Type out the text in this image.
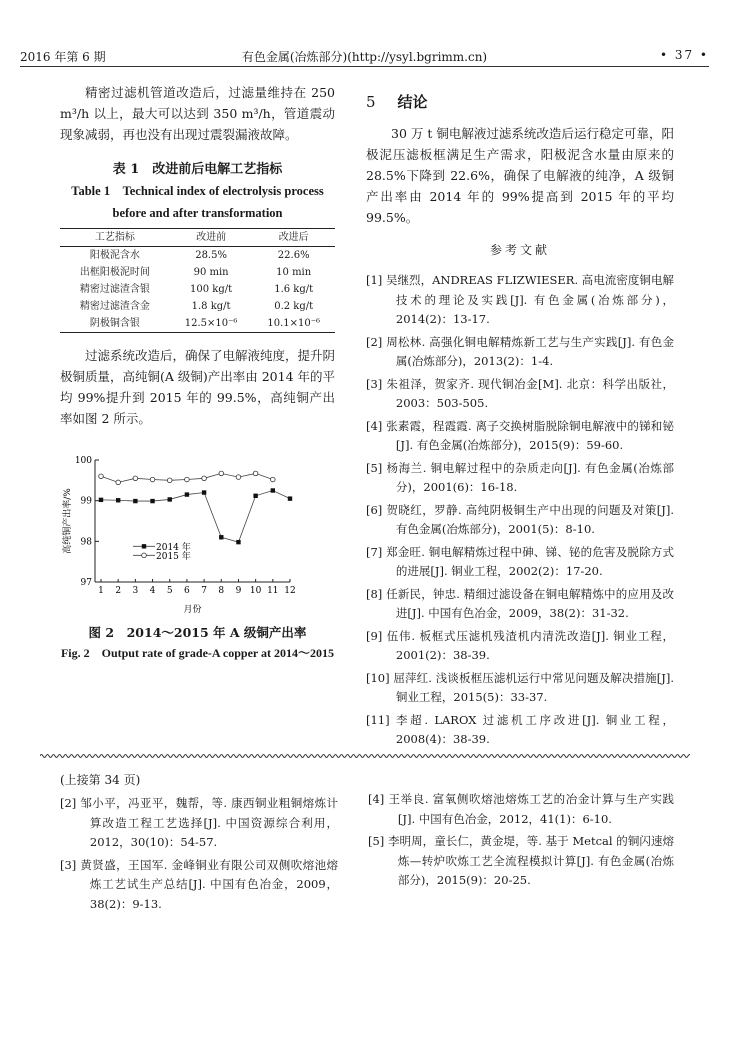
2016 年第 6 期	有色金属(冶炼部分)(http://ysyl.bgrimm.cn)	• 37 •

精密过滤机管道改造后，过滤量维持在 250 m³/h 以上，最大可以达到 350 m³/h，管道震动现象减弱，再也没有出现过震裂漏液故障。

表 1　改进前后电解工艺指标
Table 1　Technical index of electrolysis process
before and after transformation
工艺指标	改进前	改进后
阳极泥含水	28.5%	22.6%
出框阳极泥时间	90 min	10 min
精密过滤渣含银	100 kg/t	1.6 kg/t
精密过滤渣含金	1.8 kg/t	0.2 kg/t
阴极铜含银	12.5×10⁻⁶	10.1×10⁻⁶

过滤系统改造后，确保了电解液纯度，提升阴极铜质量，高纯铜(A 级铜)产出率由 2014 年的平均 99%提升到 2015 年的 99.5%，高纯铜产出率如图 2 所示。

97
98
99
100
1 2 3 4 5 6 7 8 9 10 11 12
月份
高纯铜产出率/%	2014 年
2015 年
图 2　2014～2015 年 A 级铜产出率
Fig. 2　Output rate of grade-A copper at 2014～2015
5 结论

30 万 t 铜电解液过滤系统改造后运行稳定可靠，阳极泥压滤板框满足生产需求，阳极泥含水量由原来的 28.5%下降到 22.6%，确保了电解液的纯净，A 级铜产出率由 2014 年的 99%提高到 2015 年的平均 99.5%。

参考文献
[1] 吴继烈，ANDREAS FLIZWIESER. 高电流密度铜电解技术的理论及实践[J]. 有色金属(冶炼部分)，2014(2)：13-17.
[2] 周松林. 高强化铜电解精炼新工艺与生产实践[J]. 有色金属(冶炼部分)，2013(2)：1-4.
[3] 朱祖泽，贺家齐. 现代铜冶金[M]. 北京：科学出版社，2003：503-505.
[4] 张素霞，程霞霞. 离子交换树脂脱除铜电解液中的锑和铋[J]. 有色金属(冶炼部分)，2015(9)：59-60.
[5] 杨海兰. 铜电解过程中的杂质走向[J]. 有色金属(冶炼部分)，2001(6)：16-18.
[6] 贺晓红，罗静. 高纯阴极铜生产中出现的问题及对策[J]. 有色金属(冶炼部分)，2001(5)：8-10.
[7] 郑金旺. 铜电解精炼过程中砷、锑、铋的危害及脱除方式的进展[J]. 铜业工程，2002(2)：17-20.
[8] 任新民，钟忠. 精细过滤设备在铜电解精炼中的应用及改进[J]. 中国有色冶金，2009，38(2)：31-32.
[9] 伍伟. 板框式压滤机残渣机内清洗改造[J]. 铜业工程，2001(2)：38-39.
[10] 屈萍红. 浅谈板框压滤机运行中常见问题及解决措施[J]. 铜业工程，2015(5)：33-37.
[11] 李超. LAROX 过滤机工序改进[J]. 铜业工程，2008(4)：38-39.
(上接第 34 页)
[2] 邹小平，冯亚平，魏帮，等. 康西铜业粗铜熔炼计算改造工程工艺选择[J]. 中国资源综合利用，2012，30(10)：54-57.
[3] 黄贤盛，王国军. 金峰铜业有限公司双侧吹熔池熔炼工艺试生产总结[J]. 中国有色冶金，2009，38(2)：9-13.
[4] 王举良. 富氧侧吹熔池熔炼工艺的冶金计算与生产实践[J]. 中国有色冶金，2012，41(1)：6-10.
[5] 李明周，童长仁，黄金堤，等. 基于 Metcal 的铜闪速熔炼—转炉吹炼工艺全流程模拟计算[J]. 有色金属(冶炼部分)，2015(9)：20-25.
